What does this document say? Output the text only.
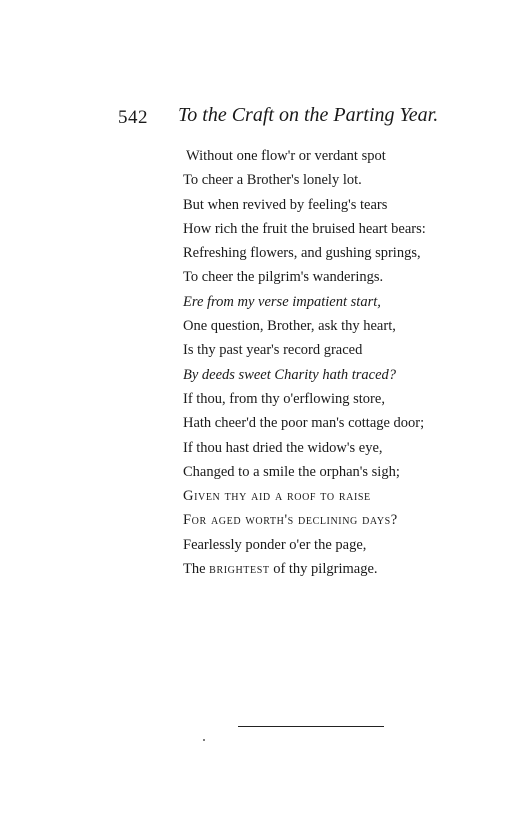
542 To the Craft on the Parting Year.
Without one flow'r or verdant spot
To cheer a Brother's lonely lot.
But when revived by feeling's tears
How rich the fruit the bruised heart bears:
Refreshing flowers, and gushing springs,
To cheer the pilgrim's wanderings.
Ere from my verse impatient start,
One question, Brother, ask thy heart,
Is thy past year's record graced
By deeds sweet Charity hath traced?
If thou, from thy o'erflowing store,
Hath cheer'd the poor man's cottage door;
If thou hast dried the widow's eye,
Changed to a smile the orphan's sigh;
Given thy aid a roof to raise
For aged worth's declining days?
Fearlessly ponder o'er the page,
The brightest of thy pilgrimage.
